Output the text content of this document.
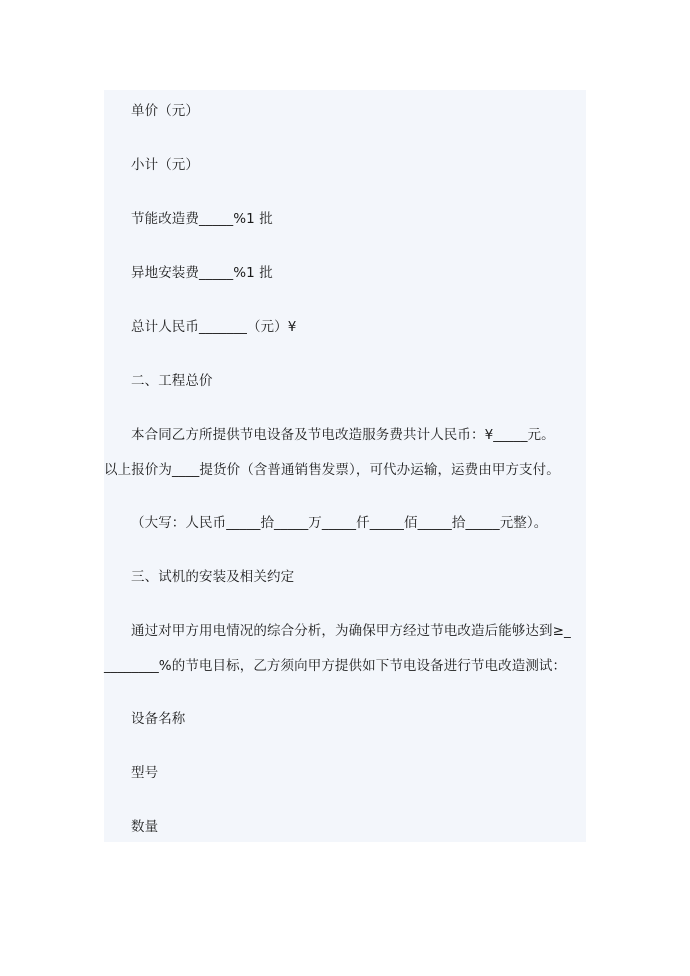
单价（元）
小计（元）
节能改造费_____%1 批
异地安装费_____%1 批
总计人民币_______（元）¥
二、工程总价
本合同乙方所提供节电设备及节电改造服务费共计人民币：¥_____元。
以上报价为____提货价（含普通销售发票），可代办运输，运费由甲方支付。
（大写：人民币_____拾_____万_____仟_____佰_____拾_____元整）。
三、试机的安装及相关约定
通过对甲方用电情况的综合分析，为确保甲方经过节电改造后能够达到≥_
________%的节电目标，乙方须向甲方提供如下节电设备进行节电改造测试：
设备名称
型号
数量
